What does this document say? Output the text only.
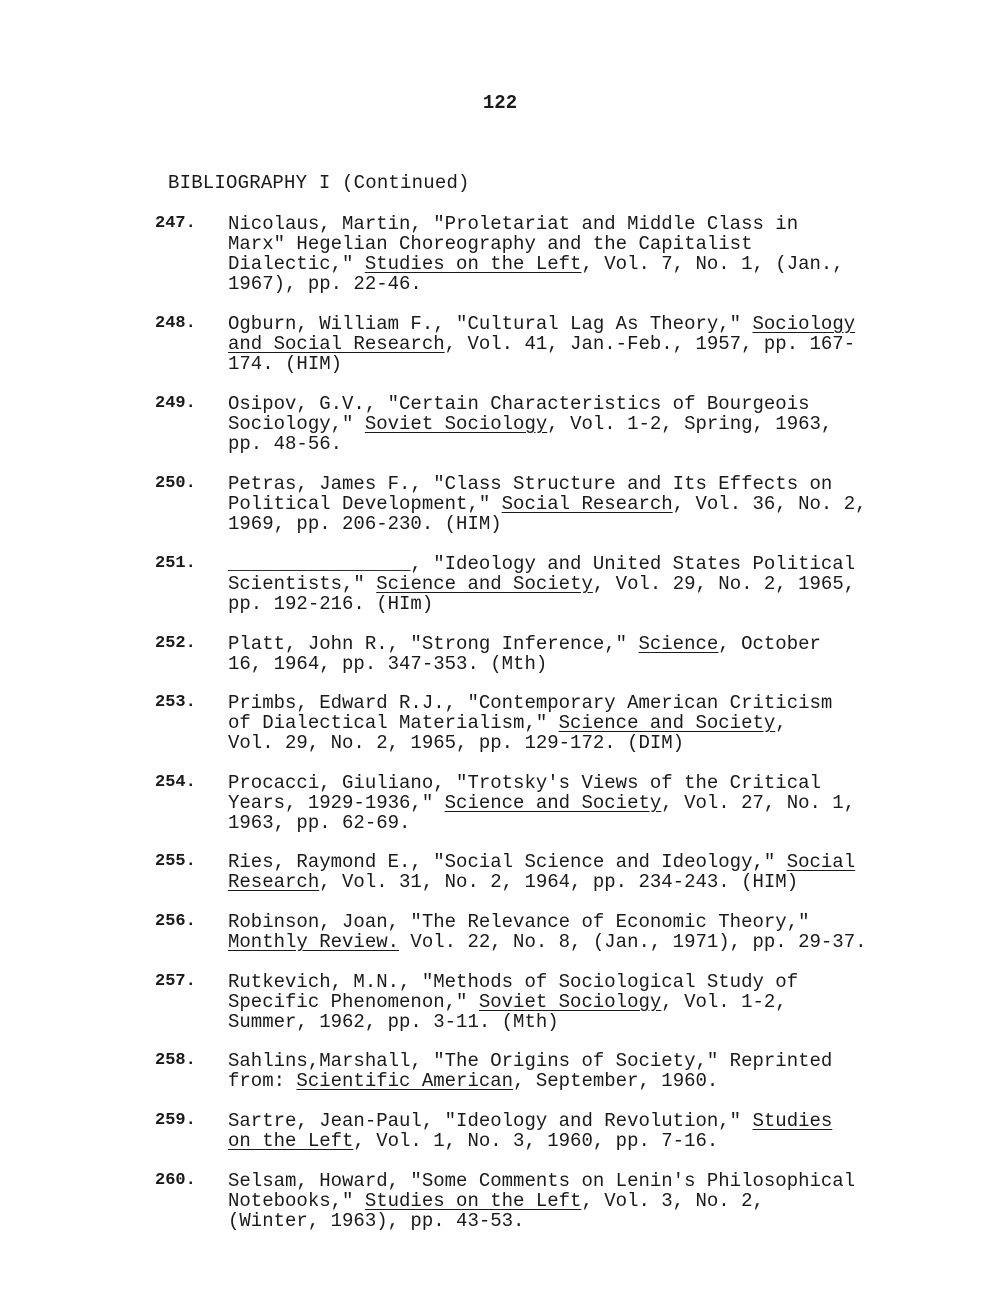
122
BIBLIOGRAPHY I (Continued)
247. Nicolaus, Martin, "Proletariat and Middle Class in
Marx" Hegelian Choreography and the Capitalist
Dialectic," Studies on the Left, Vol. 7, No. 1, (Jan.,
1967), pp. 22-46.
248. Ogburn, William F., "Cultural Lag As Theory," Sociology
and Social Research, Vol. 41, Jan.-Feb., 1957, pp. 167-
174. (HIM)
249. Osipov, G.V., "Certain Characteristics of Bourgeois
Sociology," Soviet Sociology, Vol. 1-2, Spring, 1963,
pp. 48-56.
250. Petras, James F., "Class Structure and Its Effects on
Political Development," Social Research, Vol. 36, No. 2,
1969, pp. 206-230. (HIM)
251. ________________, "Ideology and United States Political
Scientists," Science and Society, Vol. 29, No. 2, 1965,
pp. 192-216. (HIm)
252. Platt, John R., "Strong Inference," Science, October
16, 1964, pp. 347-353. (Mth)
253. Primbs, Edward R.J., "Contemporary American Criticism
of Dialectical Materialism," Science and Society,
Vol. 29, No. 2, 1965, pp. 129-172. (DIM)
254. Procacci, Giuliano, "Trotsky's Views of the Critical
Years, 1929-1936," Science and Society, Vol. 27, No. 1,
1963, pp. 62-69.
255. Ries, Raymond E., "Social Science and Ideology," Social
Research, Vol. 31, No. 2, 1964, pp. 234-243. (HIM)
256. Robinson, Joan, "The Relevance of Economic Theory,"
Monthly Review. Vol. 22, No. 8, (Jan., 1971), pp. 29-37.
257. Rutkevich, M.N., "Methods of Sociological Study of
Specific Phenomenon," Soviet Sociology, Vol. 1-2,
Summer, 1962, pp. 3-11. (Mth)
258. Sahlins,Marshall, "The Origins of Society," Reprinted
from: Scientific American, September, 1960.
259. Sartre, Jean-Paul, "Ideology and Revolution," Studies
on the Left, Vol. 1, No. 3, 1960, pp. 7-16.
260. Selsam, Howard, "Some Comments on Lenin's Philosophical
Notebooks," Studies on the Left, Vol. 3, No. 2,
(Winter, 1963), pp. 43-53.
